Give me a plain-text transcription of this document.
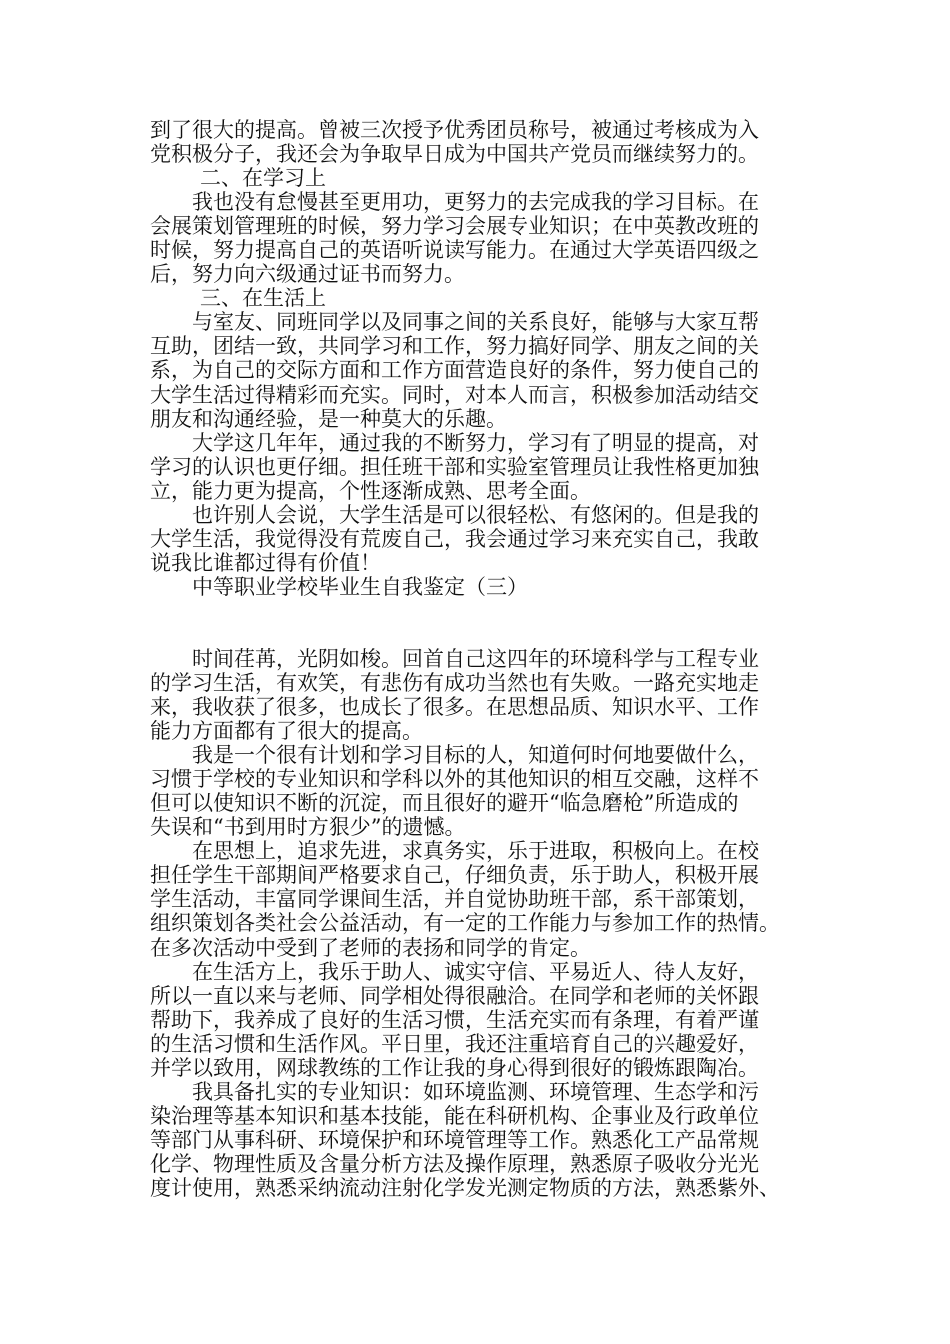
到了很大的提高。曾被三次授予优秀团员称号，被通过考核成为入
党积极分子，我还会为争取早日成为中国共产党员而继续努力的。
二、在学习上
我也没有怠慢甚至更用功，更努力的去完成我的学习目标。在
会展策划管理班的时候，努力学习会展专业知识；在中英教改班的
时候，努力提高自己的英语听说读写能力。在通过大学英语四级之
后，努力向六级通过证书而努力。
三、在生活上
与室友、同班同学以及同事之间的关系良好，能够与大家互帮
互助，团结一致，共同学习和工作，努力搞好同学、朋友之间的关
系，为自己的交际方面和工作方面营造良好的条件，努力使自己的
大学生活过得精彩而充实。同时，对本人而言，积极参加活动结交
朋友和沟通经验，是一种莫大的乐趣。
大学这几年年，通过我的不断努力，学习有了明显的提高，对
学习的认识也更仔细。担任班干部和实验室管理员让我性格更加独
立，能力更为提高，个性逐渐成熟、思考全面。
也许别人会说，大学生活是可以很轻松、有悠闲的。但是我的
大学生活，我觉得没有荒废自己，我会通过学习来充实自己，我敢
说我比谁都过得有价值！
中等职业学校毕业生自我鉴定（三）
时间荏苒，光阴如梭。回首自己这四年的环境科学与工程专业
的学习生活，有欢笑，有悲伤有成功当然也有失败。一路充实地走
来，我收获了很多，也成长了很多。在思想品质、知识水平、工作
能力方面都有了很大的提高。
我是一个很有计划和学习目标的人，知道何时何地要做什么，
习惯于学校的专业知识和学科以外的其他知识的相互交融，这样不
但可以使知识不断的沉淀，而且很好的避开“临急磨枪”所造成的
失误和“书到用时方狠少”的遗憾。
在思想上，追求先进，求真务实，乐于进取，积极向上。在校
担任学生干部期间严格要求自己，仔细负责，乐于助人，积极开展
学生活动，丰富同学课间生活，并自觉协助班干部，系干部策划，
组织策划各类社会公益活动，有一定的工作能力与参加工作的热情。
在多次活动中受到了老师的表扬和同学的肯定。
在生活方上，我乐于助人、诚实守信、平易近人、待人友好，
所以一直以来与老师、同学相处得很融洽。在同学和老师的关怀跟
帮助下，我养成了良好的生活习惯，生活充实而有条理，有着严谨
的生活习惯和生活作风。平日里，我还注重培育自己的兴趣爱好，
并学以致用，网球教练的工作让我的身心得到很好的锻炼跟陶冶。
我具备扎实的专业知识：如环境监测、环境管理、生态学和污
染治理等基本知识和基本技能，能在科研机构、企事业及行政单位
等部门从事科研、环境保护和环境管理等工作。熟悉化工产品常规
化学、物理性质及含量分析方法及操作原理，熟悉原子吸收分光光
度计使用，熟悉采纳流动注射化学发光测定物质的方法，熟悉紫外、
